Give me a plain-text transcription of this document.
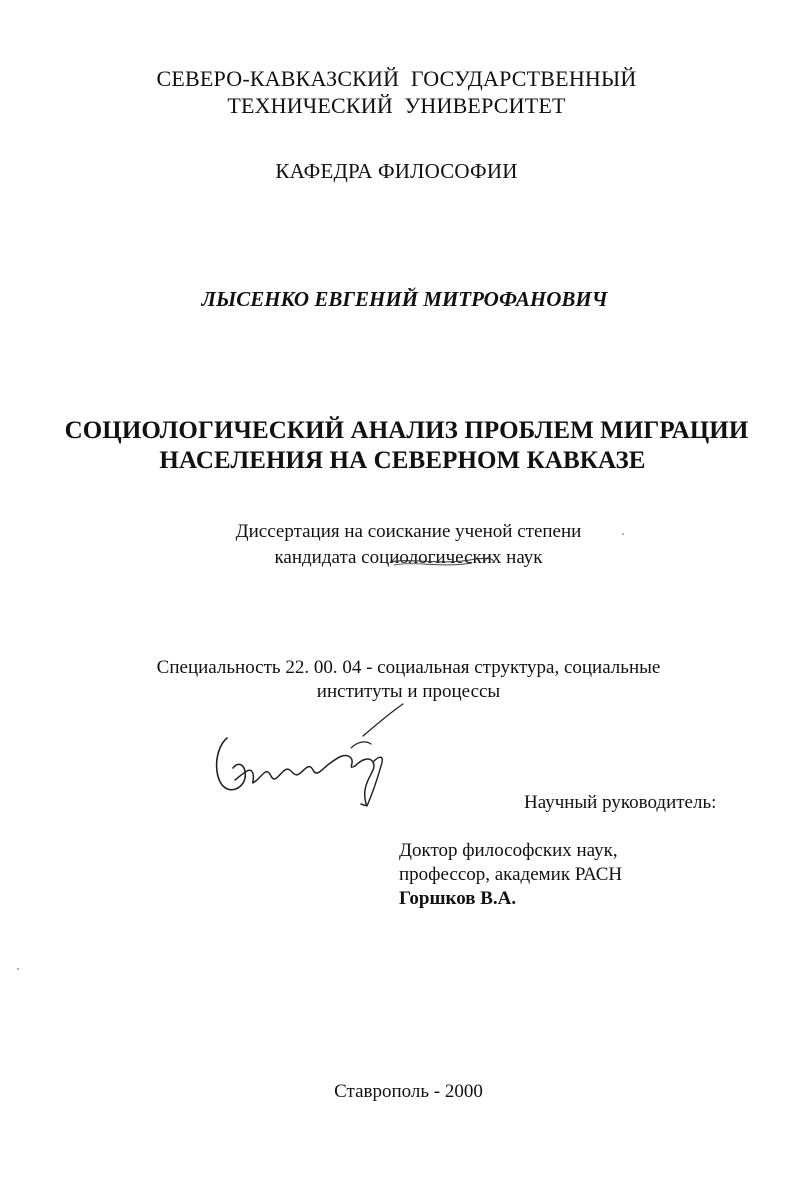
СЕВЕРО-КАВКАЗСКИЙ ГОСУДАРСТВЕННЫЙ
ТЕХНИЧЕСКИЙ УНИВЕРСИТЕТ
КАФЕДРА ФИЛОСОФИИ
ЛЫСЕНКО ЕВГЕНИЙ МИТРОФАНОВИЧ
СОЦИОЛОГИЧЕСКИЙ АНАЛИЗ ПРОБЛЕМ МИГРАЦИИ
НАСЕЛЕНИЯ НА СЕВЕРНОМ КАВКАЗЕ
Диссертация на соискание ученой степени
кандидата социологических наук
Специальность 22. 00. 04 - социальная структура, социальные
институты и процессы
Научный руководитель:
Доктор философских наук,
профессор, академик РАСН
Горшков В.А.
Ставрополь - 2000
